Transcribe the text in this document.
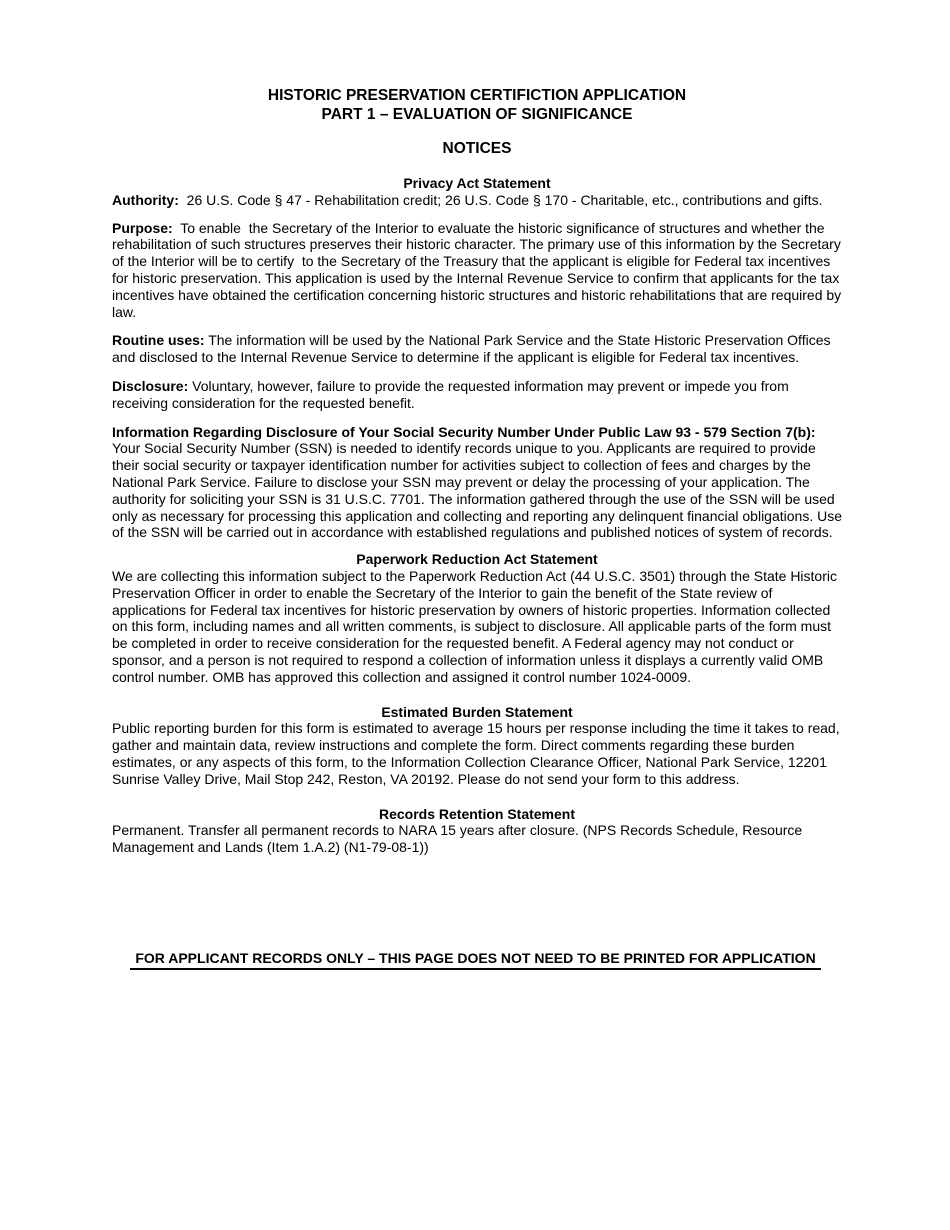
HISTORIC PRESERVATION CERTIFICTION APPLICATION
PART 1 – EVALUATION OF SIGNIFICANCE
NOTICES
Privacy Act Statement

Authority:  26 U.S. Code § 47 - Rehabilitation credit; 26 U.S. Code § 170 - Charitable, etc., contributions and gifts.

Purpose:  To enable  the Secretary of the Interior to evaluate the historic significance of structures and whether the rehabilitation of such structures preserves their historic character. The primary use of this information by the Secretary of the Interior will be to certify  to the Secretary of the Treasury that the applicant is eligible for Federal tax incentives for historic preservation. This application is used by the Internal Revenue Service to confirm that applicants for the tax incentives have obtained the certification concerning historic structures and historic rehabilitations that are required by law.

Routine uses: The information will be used by the National Park Service and the State Historic Preservation Offices and disclosed to the Internal Revenue Service to determine if the applicant is eligible for Federal tax incentives.

Disclosure: Voluntary, however, failure to provide the requested information may prevent or impede you from receiving consideration for the requested benefit.

Information Regarding Disclosure of Your Social Security Number Under Public Law 93 - 579 Section 7(b):
Your Social Security Number (SSN) is needed to identify records unique to you. Applicants are required to provide their social security or taxpayer identification number for activities subject to collection of fees and charges by the National Park Service. Failure to disclose your SSN may prevent or delay the processing of your application. The authority for soliciting your SSN is 31 U.S.C. 7701. The information gathered through the use of the SSN will be used only as necessary for processing this application and collecting and reporting any delinquent financial obligations. Use of the SSN will be carried out in accordance with established regulations and published notices of system of records.

Paperwork Reduction Act Statement

We are collecting this information subject to the Paperwork Reduction Act (44 U.S.C. 3501) through the State Historic Preservation Officer in order to enable the Secretary of the Interior to gain the benefit of the State review of applications for Federal tax incentives for historic preservation by owners of historic properties. Information collected on this form, including names and all written comments, is subject to disclosure. All applicable parts of the form must be completed in order to receive consideration for the requested benefit. A Federal agency may not conduct or sponsor, and a person is not required to respond a collection of information unless it displays a currently valid OMB control number. OMB has approved this collection and assigned it control number 1024-0009.

Estimated Burden Statement

Public reporting burden for this form is estimated to average 15 hours per response including the time it takes to read, gather and maintain data, review instructions and complete the form. Direct comments regarding these burden estimates, or any aspects of this form, to the Information Collection Clearance Officer, National Park Service, 12201 Sunrise Valley Drive, Mail Stop 242, Reston, VA 20192. Please do not send your form to this address.

Records Retention Statement

Permanent. Transfer all permanent records to NARA 15 years after closure. (NPS Records Schedule, Resource Management and Lands (Item 1.A.2) (N1-79-08-1))

FOR APPLICANT RECORDS ONLY – THIS PAGE DOES NOT NEED TO BE PRINTED FOR APPLICATION
